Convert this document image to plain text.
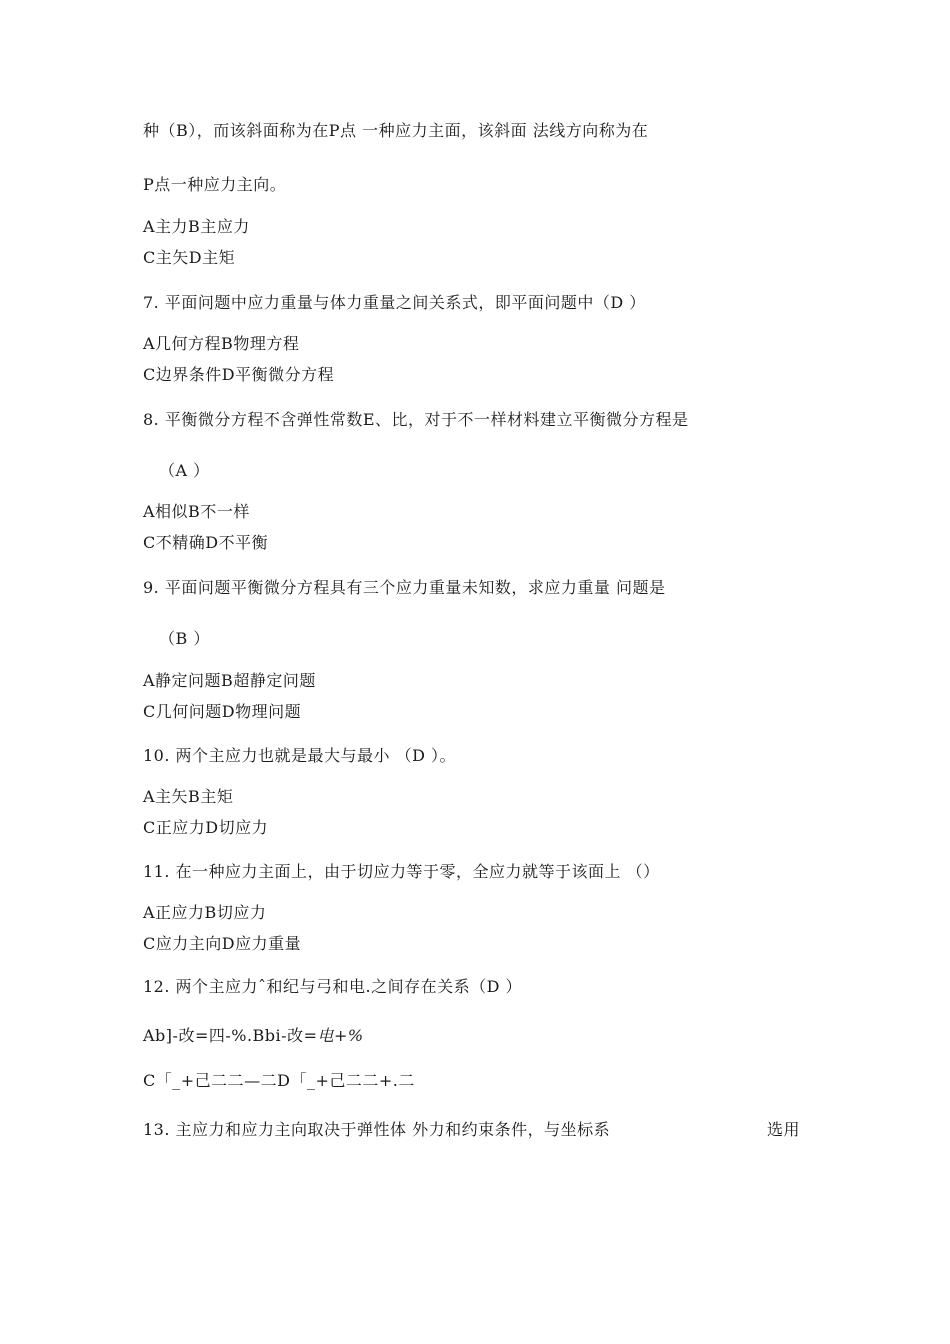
种（B），而该斜面称为在P点 一种应力主面，该斜面 法线方向称为在
P点一种应力主向。
A主力B主应力
C主矢D主矩
7. 平面问题中应力重量与体力重量之间关系式，即平面问题中（D ）
A几何方程B物理方程
C边界条件D平衡微分方程
8. 平衡微分方程不含弹性常数E、比，对于不一样材料建立平衡微分方程是
（A ）
A相似B不一样
C不精确D不平衡
9. 平面问题平衡微分方程具有三个应力重量未知数，求应力重量 问题是
（B ）
A静定问题B超静定问题
C几何问题D物理问题
10. 两个主应力也就是最大与最小 （D ）。
A主矢B主矩
C正应力D切应力
11. 在一种应力主面上，由于切应力等于零，全应力就等于该面上 （）
A正应力B切应力
C应力主向D应力重量
12. 两个主应力ˆ和纪与弓和电.之间存在关系（D ）
Ab]-改=四-%.Bbi-改=电+%
C「_+己二二—二D「_+己二二+.二
13. 主应力和应力主向取决于弹性体 外力和约束条件，与坐标系	选用
